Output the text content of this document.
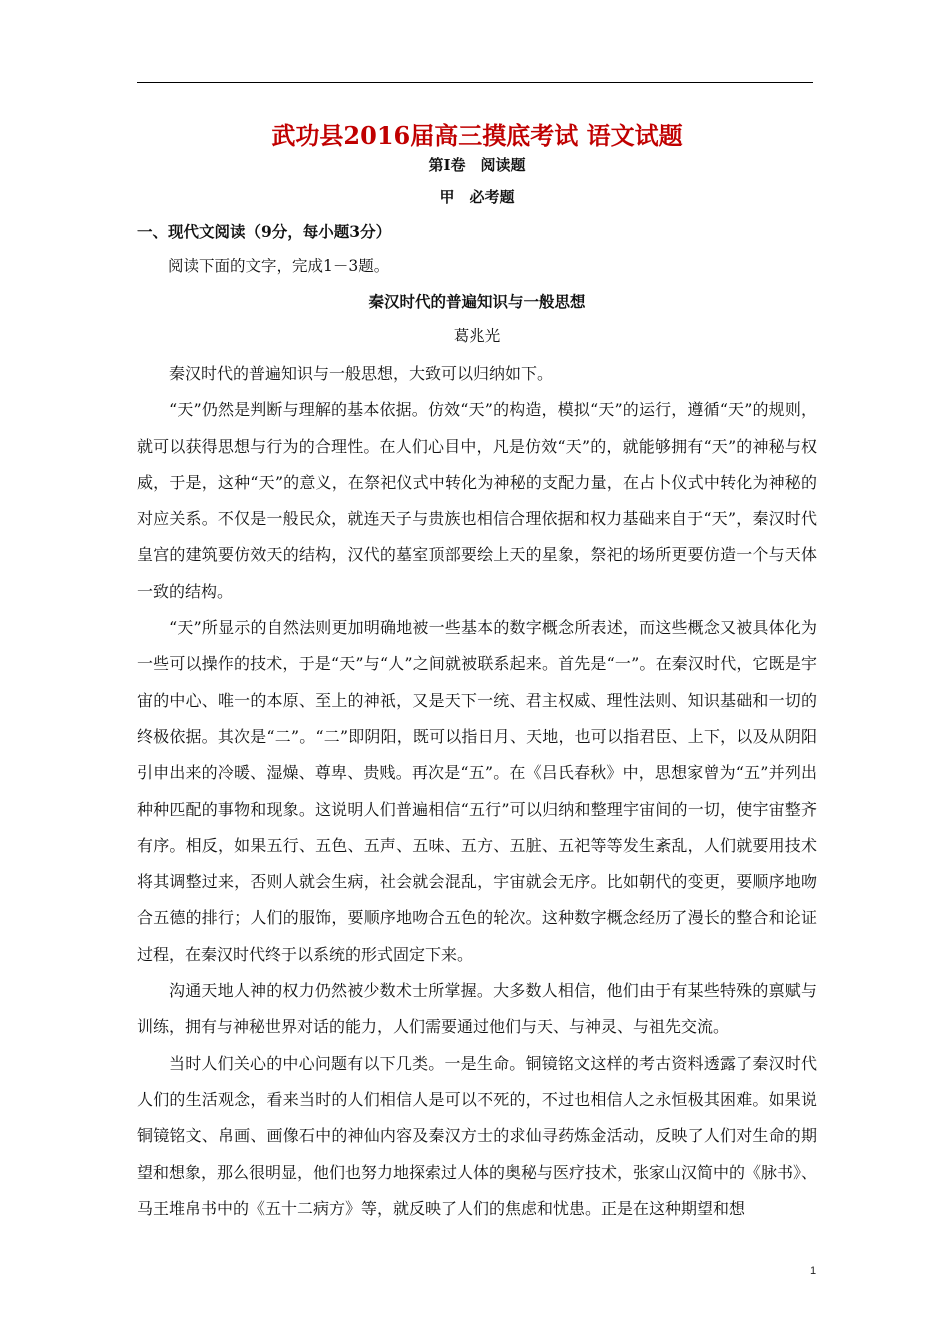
武功县2016届高三摸底考试 语文试题
第Ⅰ卷　阅读题
甲　必考题
一、现代文阅读（9分，每小题3分）
阅读下面的文字，完成1－3题。
秦汉时代的普遍知识与一般思想
葛兆光

秦汉时代的普遍知识与一般思想，大致可以归纳如下。

“天”仍然是判断与理解的基本依据。仿效“天”的构造，模拟“天”的运行，遵循“天”的规则，就可以获得思想与行为的合理性。在人们心目中，凡是仿效“天”的，就能够拥有“天”的神秘与权威，于是，这种“天”的意义，在祭祀仪式中转化为神秘的支配力量，在占卜仪式中转化为神秘的对应关系。不仅是一般民众，就连天子与贵族也相信合理依据和权力基础来自于“天”，秦汉时代皇宫的建筑要仿效天的结构，汉代的墓室顶部要绘上天的星象，祭祀的场所更要仿造一个与天体一致的结构。

“天”所显示的自然法则更加明确地被一些基本的数字概念所表述，而这些概念又被具体化为一些可以操作的技术，于是“天”与“人”之间就被联系起来。首先是“一”。在秦汉时代，它既是宇宙的中心、唯一的本原、至上的神祇，又是天下一统、君主权威、理性法则、知识基础和一切的终极依据。其次是“二”。“二”即阴阳，既可以指日月、天地，也可以指君臣、上下，以及从阴阳引申出来的冷暖、湿燥、尊卑、贵贱。再次是“五”。在《吕氏春秋》中，思想家曾为“五”并列出种种匹配的事物和现象。这说明人们普遍相信“五行”可以归纳和整理宇宙间的一切，使宇宙整齐有序。相反，如果五行、五色、五声、五味、五方、五脏、五祀等等发生紊乱，人们就要用技术将其调整过来，否则人就会生病，社会就会混乱，宇宙就会无序。比如朝代的变更，要顺序地吻合五德的排行；人们的服饰，要顺序地吻合五色的轮次。这种数字概念经历了漫长的整合和论证过程，在秦汉时代终于以系统的形式固定下来。

沟通天地人神的权力仍然被少数术士所掌握。大多数人相信，他们由于有某些特殊的禀赋与训练，拥有与神秘世界对话的能力，人们需要通过他们与天、与神灵、与祖先交流。

当时人们关心的中心问题有以下几类。一是生命。铜镜铭文这样的考古资料透露了秦汉时代人们的生活观念，看来当时的人们相信人是可以不死的，不过也相信人之永恒极其困难。如果说铜镜铭文、帛画、画像石中的神仙内容及秦汉方士的求仙寻药炼金活动，反映了人们对生命的期望和想象，那么很明显，他们也努力地探索过人体的奥秘与医疗技术，张家山汉简中的《脉书》、马王堆帛书中的《五十二病方》等，就反映了人们的焦虑和忧患。正是在这种期望和想

1
